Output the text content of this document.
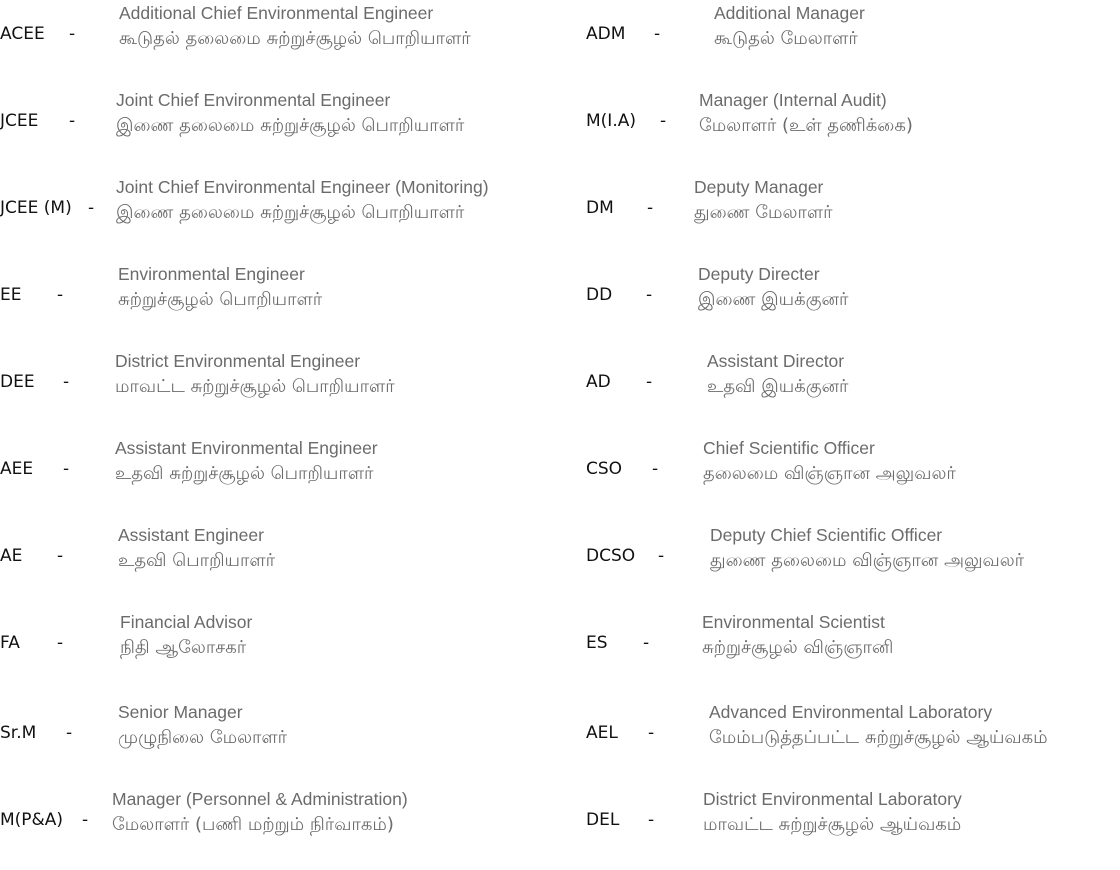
ACEE -
Additional Chief Environmental Engineer
கூடுதல் தலைமை சுற்றுச்சூழல் பொறியாளர்
JCEE -
Joint Chief Environmental Engineer
இணை தலைமை சுற்றுச்சூழல் பொறியாளர்
JCEE (M) -
Joint Chief Environmental Engineer (Monitoring)
இணை தலைமை சுற்றுச்சூழல் பொறியாளர்
EE -
Environmental Engineer
சுற்றுச்சூழல் பொறியாளர்
DEE -
District Environmental Engineer
மாவட்ட சுற்றுச்சூழல் பொறியாளர்
AEE -
Assistant Environmental Engineer
உதவி சுற்றுச்சூழல் பொறியாளர்
AE -
Assistant Engineer
உதவி பொறியாளர்
FA -
Financial Advisor
நிதி ஆலோசகர்
Sr.M -
Senior Manager
முழுநிலை மேலாளர்
M(P&A) -
Manager (Personnel & Administration)
மேலாளர் (பணி மற்றும் நிர்வாகம்)
ADM -
Additional Manager
கூடுதல் மேலாளர்
M(I.A) -
Manager (Internal Audit)
மேலாளர் (உள் தணிக்கை)
DM -
Deputy Manager
துணை மேலாளர்
DD -
Deputy Directer
இணை இயக்குனர்
AD -
Assistant Director
உதவி இயக்குனர்
CSO -
Chief Scientific Officer
தலைமை விஞ்ஞான அலுவலர்
DCSO -
Deputy Chief Scientific Officer
துணை தலைமை விஞ்ஞான அலுவலர்
ES -
Environmental Scientist
சுற்றுச்சூழல் விஞ்ஞானி
AEL -
Advanced Environmental Laboratory
மேம்படுத்தப்பட்ட சுற்றுச்சூழல் ஆய்வகம்
DEL -
District Environmental Laboratory
மாவட்ட சுற்றுச்சூழல் ஆய்வகம்
